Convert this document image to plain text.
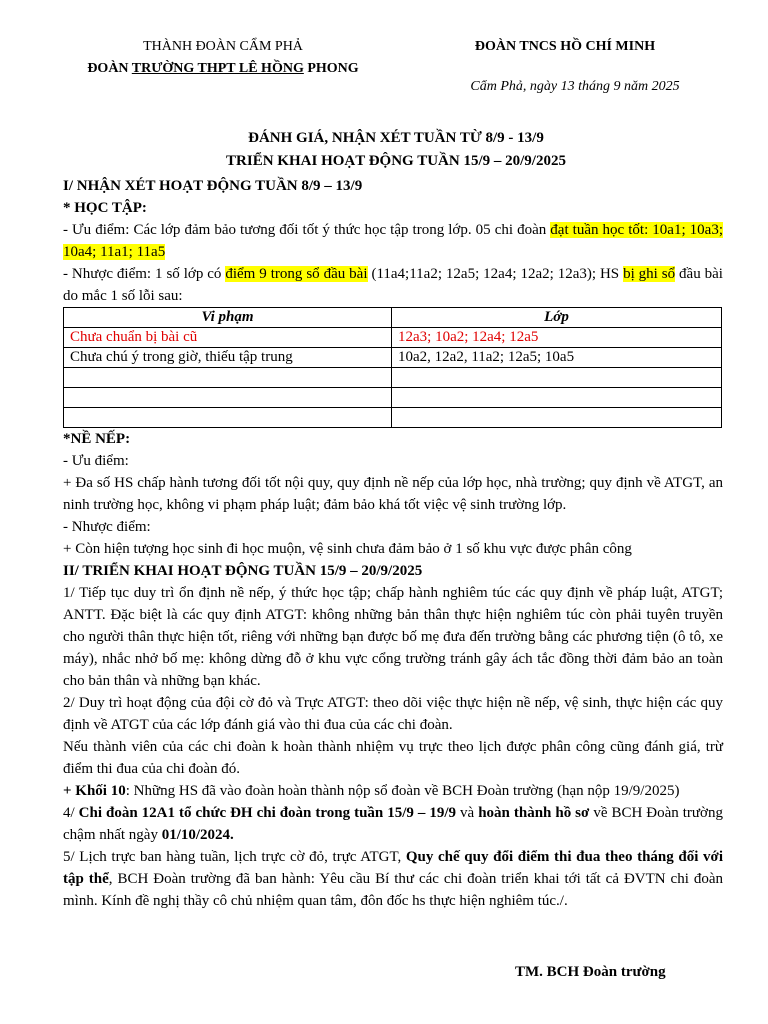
THÀNH ĐOÀN CẨM PHẢ
ĐOÀN TRƯỜNG THPT LÊ HỒNG PHONG
ĐOÀN TNCS HỒ CHÍ MINH
Cẩm Phả, ngày 13 tháng 9 năm 2025
ĐÁNH GIÁ, NHẬN XÉT TUẦN TỪ 8/9 - 13/9
TRIỂN KHAI HOẠT ĐỘNG TUẦN 15/9 – 20/9/2025

I/ NHẬN XÉT HOẠT ĐỘNG TUẦN 8/9 – 13/9

* HỌC TẬP:

- Ưu điểm: Các lớp đảm bảo tương đối tốt ý thức học tập trong lớp. 05 chi đoàn đạt tuần học tốt: 10a1; 10a3; 10a4; 11a1; 11a5

- Nhược điểm: 1 số lớp có điểm 9 trong sổ đầu bài (11a4;11a2; 12a5; 12a4; 12a2; 12a3); HS bị ghi sổ đầu bài do mắc 1 số lỗi sau:

Vi phạm	Lớp
Chưa chuẩn bị bài cũ	12a3; 10a2; 12a4; 12a5
Chưa chú ý trong giờ, thiếu tập trung	10a2, 12a2, 11a2; 12a5; 10a5

*NỀ NẾP:

- Ưu điểm:

+ Đa số HS chấp hành tương đối tốt nội quy, quy định nề nếp của lớp học, nhà trường; quy định về ATGT, an ninh trường học, không vi phạm pháp luật; đảm bảo khá tốt việc vệ sinh trường lớp.

- Nhược điểm:

+ Còn hiện tượng học sinh đi học muộn, vệ sinh chưa đảm bảo ở 1 số khu vực được phân công

II/ TRIỂN KHAI HOẠT ĐỘNG TUẦN 15/9 – 20/9/2025

1/ Tiếp tục duy trì ổn định nề nếp, ý thức học tập; chấp hành nghiêm túc các quy định về pháp luật, ATGT; ANTT. Đặc biệt là các quy định ATGT: không những bản thân thực hiện nghiêm túc còn phải tuyên truyền cho người thân thực hiện tốt, riêng với những bạn được bố mẹ đưa đến trường bằng các phương tiện (ô tô, xe máy), nhắc nhở bố mẹ: không dừng đỗ ở khu vực cổng trường tránh gây ách tắc đồng thời đảm bảo an toàn cho bản thân và những bạn khác.

2/ Duy trì hoạt động của đội cờ đỏ và Trực ATGT: theo dõi việc thực hiện nề nếp, vệ sinh, thực hiện các quy định về ATGT của các lớp đánh giá vào thi đua của các chi đoàn.

Nếu thành viên của các chi đoàn k hoàn thành nhiệm vụ trực theo lịch được phân công cũng đánh giá, trừ điểm thi đua của chi đoàn đó.

+ Khối 10: Những HS đã vào đoàn hoàn thành nộp sổ đoàn về BCH Đoàn trường (hạn nộp 19/9/2025)

4/ Chi đoàn 12A1 tổ chức ĐH chi đoàn trong tuần 15/9 – 19/9 và hoàn thành hồ sơ về BCH Đoàn trường chậm nhất ngày 01/10/2024.

5/ Lịch trực ban hàng tuần, lịch trực cờ đỏ, trực ATGT, Quy chế quy đổi điểm thi đua theo tháng đối với tập thể, BCH Đoàn trường đã ban hành: Yêu cầu Bí thư các chi đoàn triển khai tới tất cả ĐVTN chi đoàn mình. Kính đề nghị thầy cô chủ nhiệm quan tâm, đôn đốc hs thực hiện nghiêm túc./.

TM. BCH Đoàn trường
